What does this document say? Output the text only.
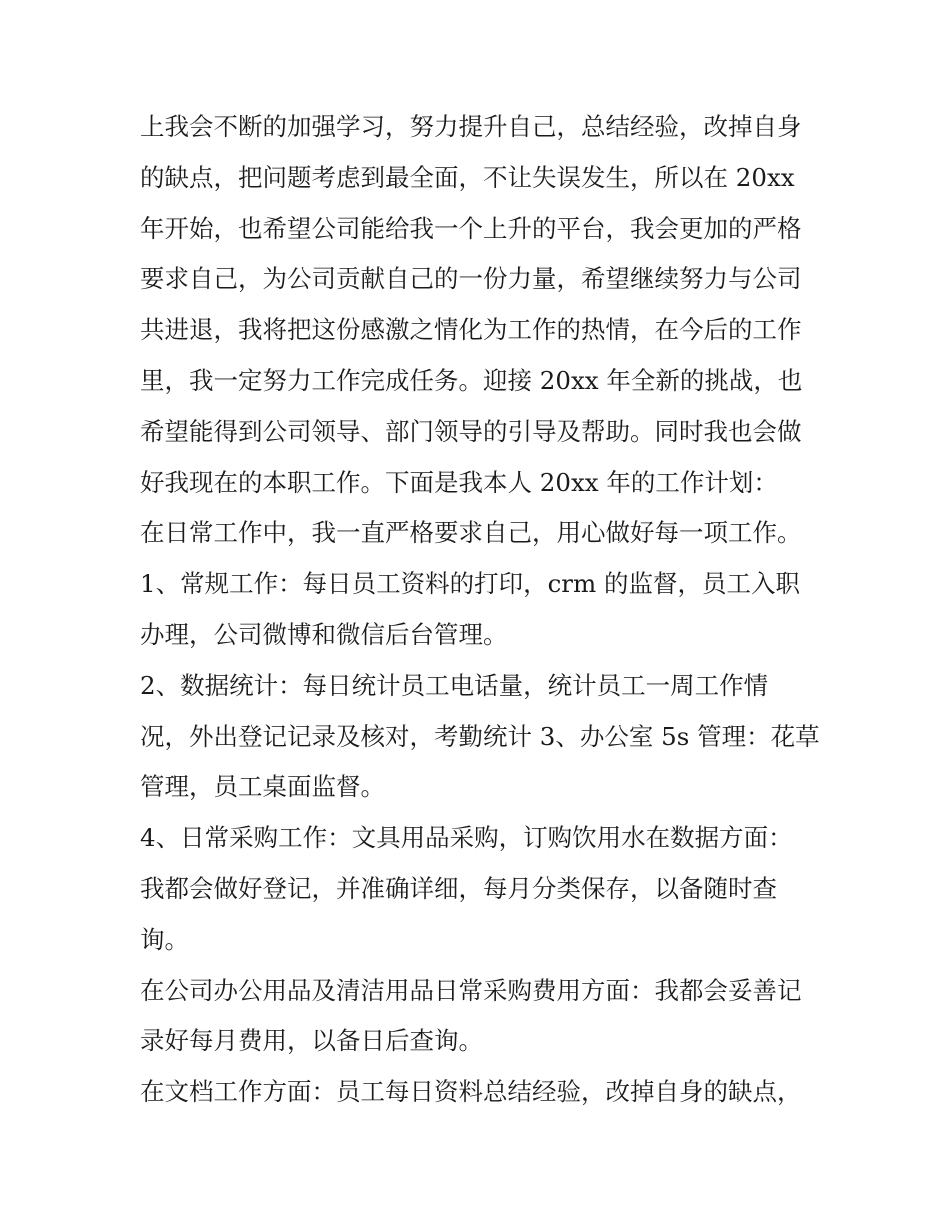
上我会不断的加强学习，努力提升自己，总结经验，改掉自身
的缺点，把问题考虑到最全面，不让失误发生，所以在 20xx
年开始，也希望公司能给我一个上升的平台，我会更加的严格
要求自己，为公司贡献自己的一份力量，希望继续努力与公司
共进退，我将把这份感激之情化为工作的热情，在今后的工作
里，我一定努力工作完成任务。迎接 20xx 年全新的挑战，也
希望能得到公司领导、部门领导的引导及帮助。同时我也会做
好我现在的本职工作。下面是我本人 20xx 年的工作计划：
在日常工作中，我一直严格要求自己，用心做好每一项工作。
1、常规工作：每日员工资料的打印，crm 的监督，员工入职
办理，公司微博和微信后台管理。
2、数据统计：每日统计员工电话量，统计员工一周工作情
况，外出登记记录及核对，考勤统计 3、办公室 5s 管理：花草
管理，员工桌面监督。
4、日常采购工作：文具用品采购，订购饮用水在数据方面：
我都会做好登记，并准确详细，每月分类保存，以备随时查
询。
在公司办公用品及清洁用品日常采购费用方面：我都会妥善记
录好每月费用，以备日后查询。
在文档工作方面：员工每日资料总结经验，改掉自身的缺点，
